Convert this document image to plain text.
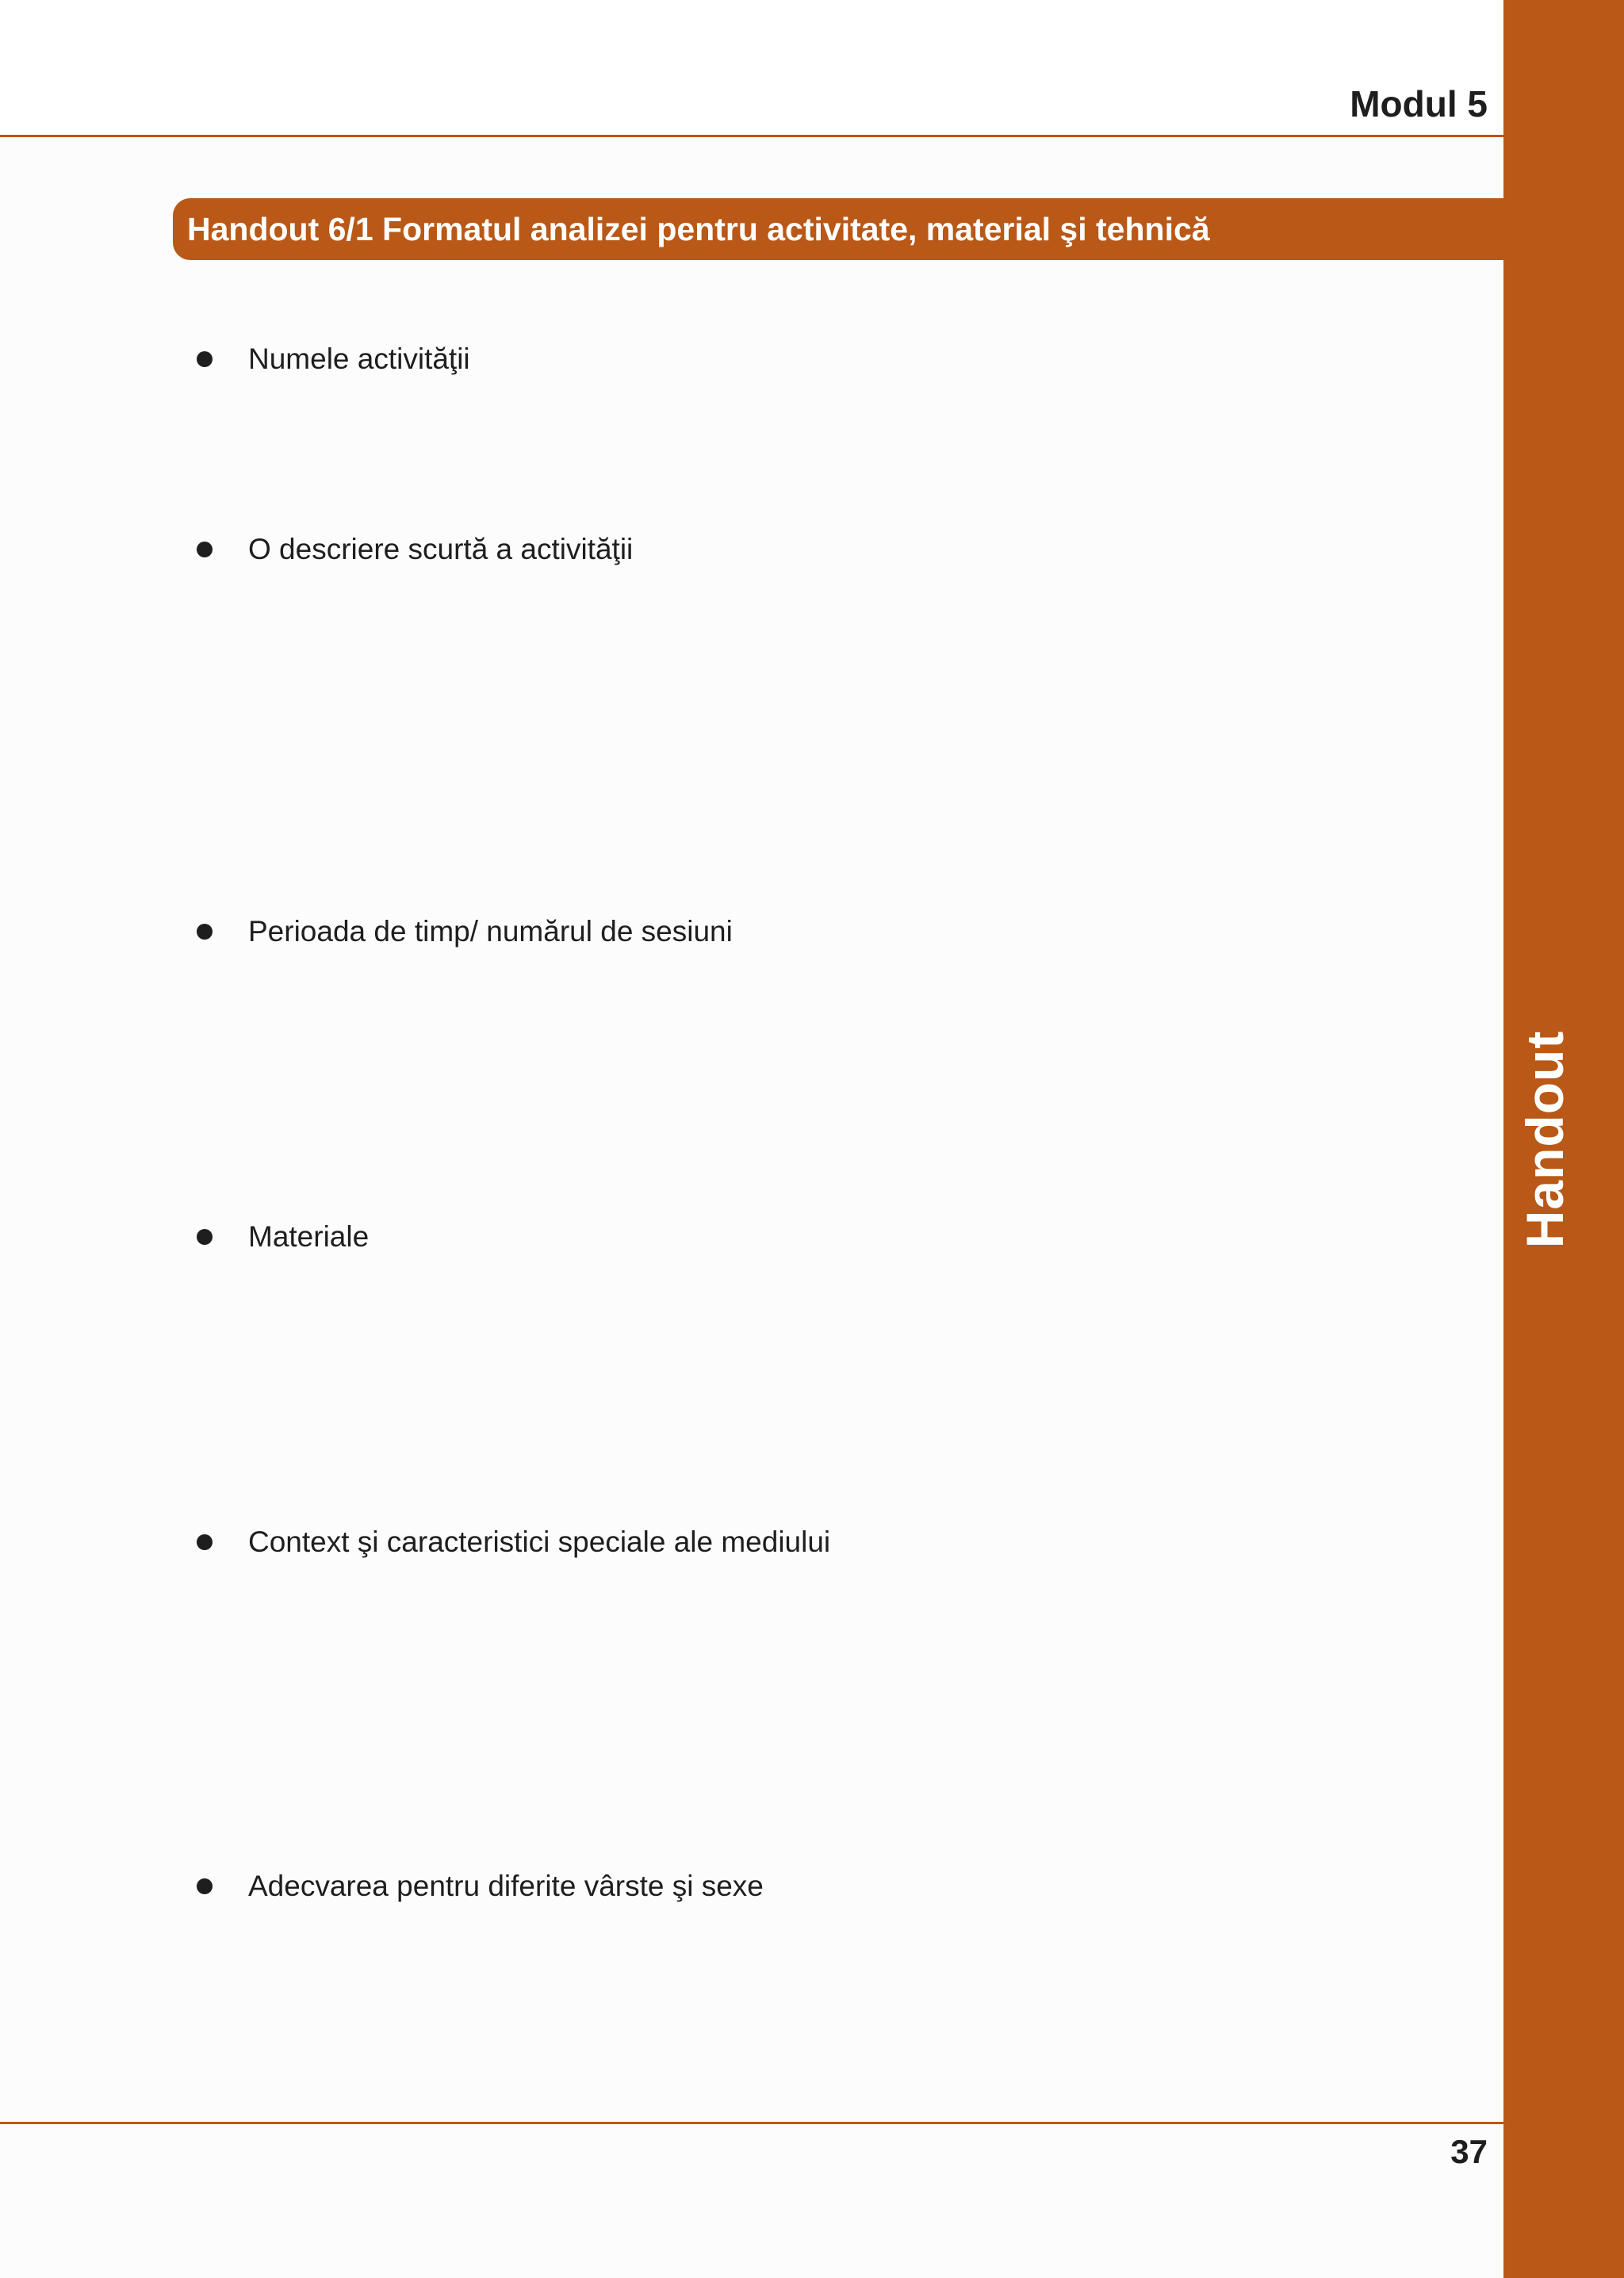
Handout
Modul 5
Handout 6/1 Formatul analizei pentru activitate, material şi tehnică
Numele activităţii
O descriere scurtă a activităţii
Perioada de timp/ numărul de sesiuni
Materiale
Context şi caracteristici speciale ale mediului
Adecvarea pentru diferite vârste şi sexe
37
